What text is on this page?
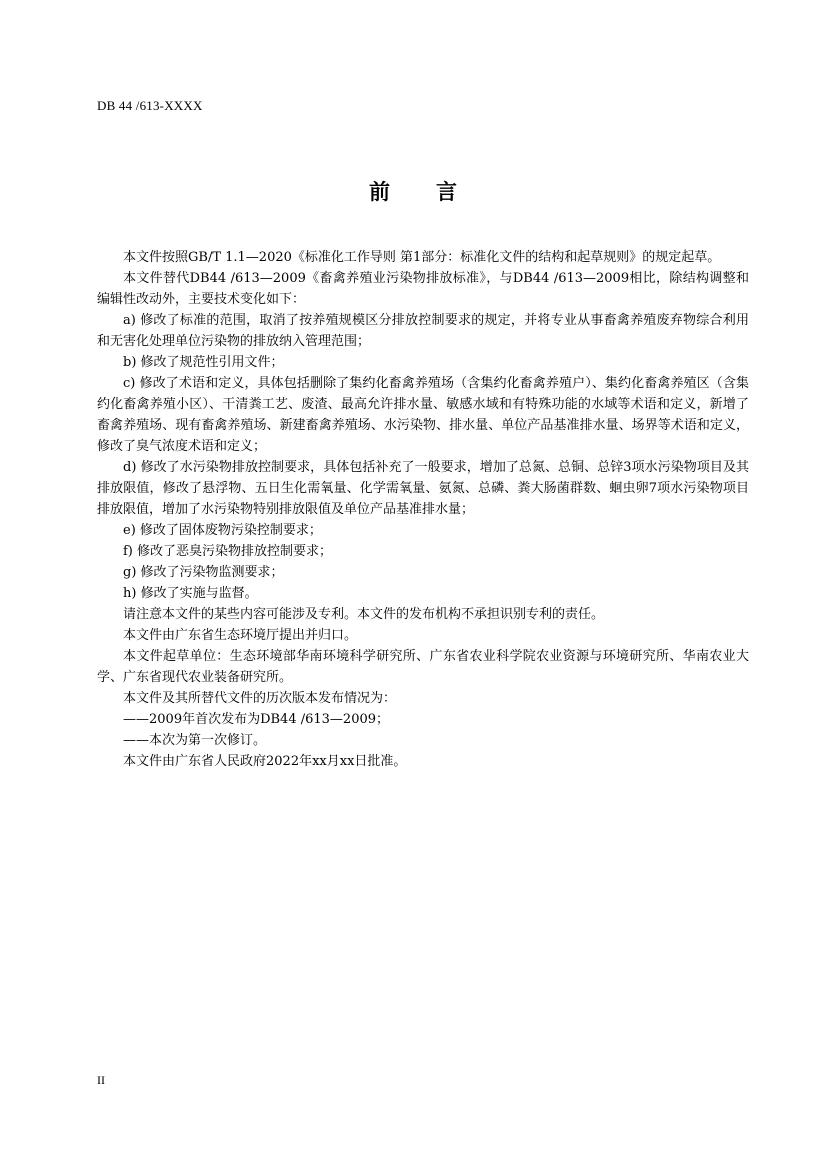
DB 44 /613-XXXX
前 言

本文件按照GB/T 1.1—2020《标准化工作导则 第1部分：标准化文件的结构和起草规则》的规定起草。

本文件替代DB44 /613—2009《畜禽养殖业污染物排放标准》，与DB44 /613—2009相比，除结构调整和编辑性改动外，主要技术变化如下：

a) 修改了标准的范围，取消了按养殖规模区分排放控制要求的规定，并将专业从事畜禽养殖废弃物综合利用和无害化处理单位污染物的排放纳入管理范围；

b) 修改了规范性引用文件；

c) 修改了术语和定义，具体包括删除了集约化畜禽养殖场（含集约化畜禽养殖户）、集约化畜禽养殖区（含集约化畜禽养殖小区）、干清粪工艺、废渣、最高允许排水量、敏感水域和有特殊功能的水域等术语和定义，新增了畜禽养殖场、现有畜禽养殖场、新建畜禽养殖场、水污染物、排水量、单位产品基准排水量、场界等术语和定义，修改了臭气浓度术语和定义；

d) 修改了水污染物排放控制要求，具体包括补充了一般要求，增加了总氮、总铜、总锌3项水污染物项目及其排放限值，修改了悬浮物、五日生化需氧量、化学需氧量、氨氮、总磷、粪大肠菌群数、蛔虫卵7项水污染物项目排放限值，增加了水污染物特别排放限值及单位产品基准排水量；

e) 修改了固体废物污染控制要求；

f) 修改了恶臭污染物排放控制要求；

g) 修改了污染物监测要求；

h) 修改了实施与监督。

请注意本文件的某些内容可能涉及专利。本文件的发布机构不承担识别专利的责任。

本文件由广东省生态环境厅提出并归口。

本文件起草单位：生态环境部华南环境科学研究所、广东省农业科学院农业资源与环境研究所、华南农业大学、广东省现代农业装备研究所。

本文件及其所替代文件的历次版本发布情况为：

——2009年首次发布为DB44 /613—2009；

——本次为第一次修订。

本文件由广东省人民政府2022年xx月xx日批准。

II
